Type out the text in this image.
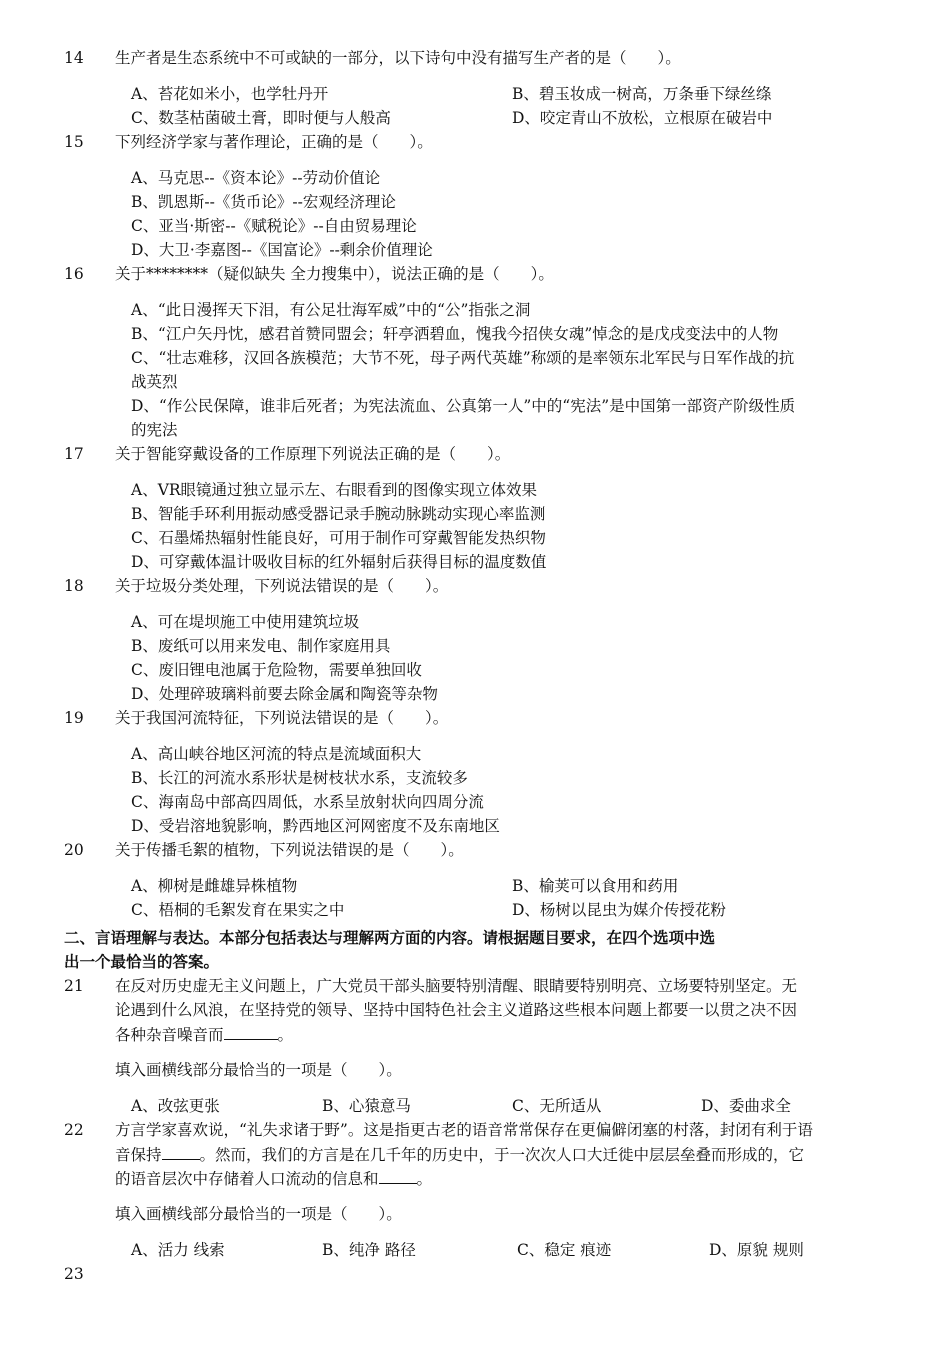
14 生产者是生态系统中不可或缺的一部分，以下诗句中没有描写生产者的是（　　）。
A、苔花如米小，也学牡丹开	B、碧玉妆成一树高，万条垂下绿丝绦
C、数茎枯菌破土膏，即时便与人般高	D、咬定青山不放松，立根原在破岩中
15 下列经济学家与著作理论，正确的是（　　）。
A、马克思--《资本论》--劳动价值论
B、凯恩斯--《货币论》--宏观经济理论
C、亚当·斯密--《赋税论》--自由贸易理论
D、大卫·李嘉图--《国富论》--剩余价值理论
16 关于********（疑似缺失 全力搜集中），说法正确的是（　　）。
A、“此日漫挥天下泪，有公足壮海军威”中的“公”指张之洞
B、“江户矢丹忱，感君首赞同盟会；轩亭洒碧血，愧我今招侠女魂”悼念的是戊戌变法中的人物
C、“壮志难移，汉回各族模范；大节不死，母子两代英雄”称颂的是率领东北军民与日军作战的抗
战英烈
D、“作公民保障，谁非后死者；为宪法流血、公真第一人”中的“宪法”是中国第一部资产阶级性质
的宪法
17 关于智能穿戴设备的工作原理下列说法正确的是（　　）。
A、VR眼镜通过独立显示左、右眼看到的图像实现立体效果
B、智能手环利用振动感受器记录手腕动脉跳动实现心率监测
C、石墨烯热辐射性能良好，可用于制作可穿戴智能发热织物
D、可穿戴体温计吸收目标的红外辐射后获得目标的温度数值
18 关于垃圾分类处理，下列说法错误的是（　　）。
A、可在堤坝施工中使用建筑垃圾
B、废纸可以用来发电、制作家庭用具
C、废旧锂电池属于危险物，需要单独回收
D、处理碎玻璃料前要去除金属和陶瓷等杂物
19 关于我国河流特征，下列说法错误的是（　　）。
A、高山峡谷地区河流的特点是流域面积大
B、长江的河流水系形状是树枝状水系，支流较多
C、海南岛中部高四周低，水系呈放射状向四周分流
D、受岩溶地貌影响，黔西地区河网密度不及东南地区
20 关于传播毛絮的植物，下列说法错误的是（　　）。
A、柳树是雌雄异株植物	B、榆荚可以食用和药用
C、梧桐的毛絮发育在果实之中	D、杨树以昆虫为媒介传授花粉
二、言语理解与表达。本部分包括表达与理解两方面的内容。请根据题目要求，在四个选项中选
出一个最恰当的答案。
21 在反对历史虚无主义问题上，广大党员干部头脑要特别清醒、眼睛要特别明亮、立场要特别坚定。无
论遇到什么风浪，在坚持党的领导、坚持中国特色社会主义道路这些根本问题上都要一以贯之决不因
各种杂音噪音而	。
填入画横线部分最恰当的一项是（　　）。
A、改弦更张	B、心猿意马	C、无所适从	D、委曲求全
22 方言学家喜欢说，“礼失求诸于野”。这是指更古老的语音常常保存在更偏僻闭塞的村落，封闭有利于语
音保持 。然而，我们的方言是在几千年的历史中，于一次次人口大迁徙中层层垒叠而形成的，它
的语音层次中存储着人口流动的信息和 。
填入画横线部分最恰当的一项是（　　）。
A、活力 线索	B、纯净 路径	C、稳定 痕迹	D、原貌 规则
23
